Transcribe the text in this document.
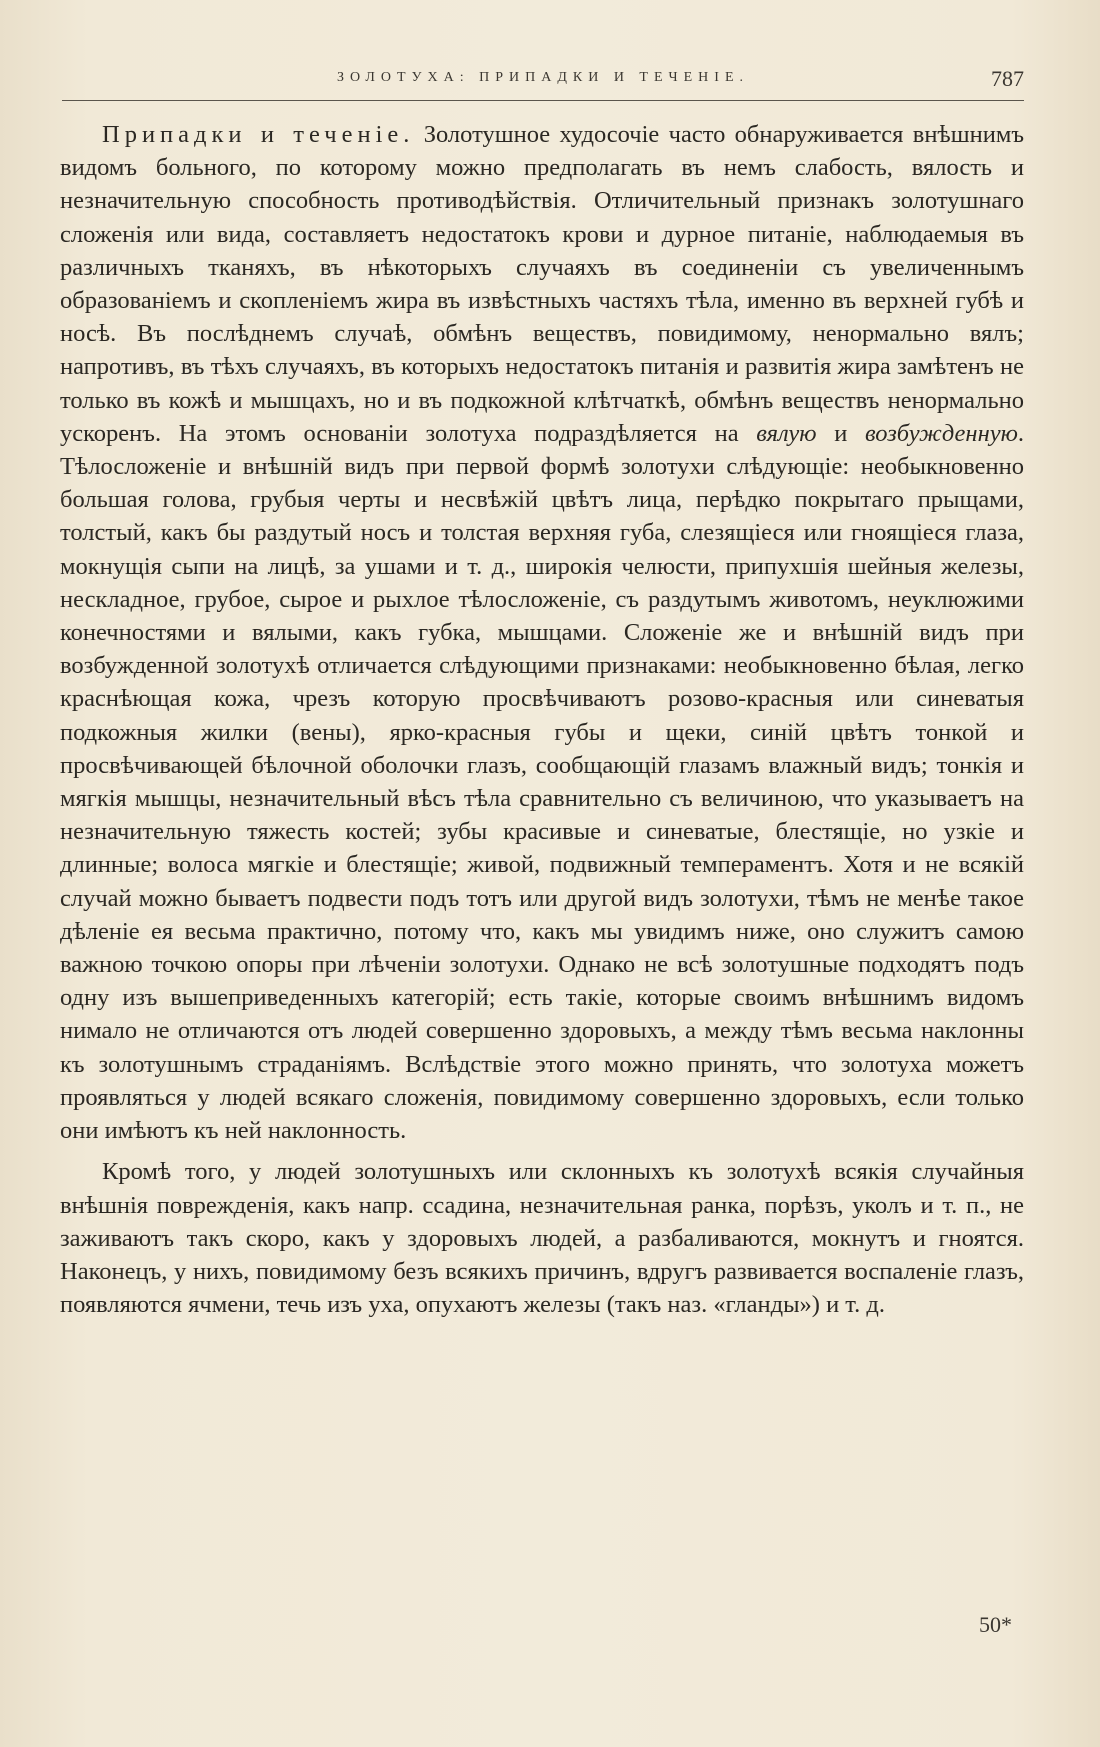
ЗОЛОТУХА: ПРИПАДКИ И ТЕЧЕНІЕ.	787

Припадки и теченіе. Золотушное худосочіе часто обнаруживается внѣшнимъ видомъ больного, по которому можно предполагать въ немъ слабость, вялость и незначительную способность противодѣйствія. Отличительный признакъ золотушнаго сложенія или вида, составляетъ недостатокъ крови и дурное питаніе, наблюдаемыя въ различныхъ тканяхъ, въ нѣкоторыхъ случаяхъ въ соединеніи съ увеличеннымъ образованіемъ и скопленіемъ жира въ извѣстныхъ частяхъ тѣла, именно въ верхней губѣ и носѣ. Въ послѣднемъ случаѣ, обмѣнъ веществъ, повидимому, ненормально вялъ; напротивъ, въ тѣхъ случаяхъ, въ которыхъ недостатокъ питанія и развитія жира замѣтенъ не только въ кожѣ и мышцахъ, но и въ подкожной клѣтчаткѣ, обмѣнъ веществъ ненормально ускоренъ. На этомъ основаніи золотуха подраздѣляется на вялую и возбужденную. Тѣлосложеніе и внѣшній видъ при первой формѣ золотухи слѣдующіе: необыкновенно большая голова, грубыя черты и несвѣжій цвѣтъ лица, перѣдко покрытаго прыщами, толстый, какъ бы раздутый носъ и толстая верхняя губа, слезящіеся или гноящіеся глаза, мокнущія сыпи на лицѣ, за ушами и т. д., широкія челюсти, припухшія шейныя железы, нескладное, грубое, сырое и рыхлое тѣлосложеніе, съ раздутымъ животомъ, неуклюжими конечностями и вялыми, какъ губка, мышцами. Сложеніе же и внѣшній видъ при возбужденной золотухѣ отличается слѣдующими признаками: необыкновенно бѣлая, легко краснѣющая кожа, чрезъ которую просвѣчиваютъ розово-красныя или синеватыя подкожныя жилки (вены), ярко-красныя губы и щеки, синій цвѣтъ тонкой и просвѣчивающей бѣлочной оболочки глазъ, сообщающій глазамъ влажный видъ; тонкія и мягкія мышцы, незначительный вѣсъ тѣла сравнительно съ величиною, что указываетъ на незначительную тяжесть костей; зубы красивые и синеватые, блестящіе, но узкіе и длинные; волоса мягкіе и блестящіе; живой, подвижный темпераментъ. Хотя и не всякій случай можно бываетъ подвести подъ тотъ или другой видъ золотухи, тѣмъ не менѣе такое дѣленіе ея весьма практично, потому что, какъ мы увидимъ ниже, оно служитъ самою важною точкою опоры при лѣченіи золотухи. Однако не всѣ золотушные подходятъ подъ одну изъ вышеприведенныхъ категорій; есть такіе, которые своимъ внѣшнимъ видомъ нимало не отличаются отъ людей совершенно здоровыхъ, а между тѣмъ весьма наклонны къ золотушнымъ страданіямъ. Вслѣдствіе этого можно принять, что золотуха можетъ проявляться у людей всякаго сложенія, повидимому совершенно здоровыхъ, если только они имѣютъ къ ней наклонность.

Кромѣ того, у людей золотушныхъ или склонныхъ къ золотухѣ всякія случайныя внѣшнія поврежденія, какъ напр. ссадина, незначительная ранка, порѣзъ, уколъ и т. п., не заживаютъ такъ скоро, какъ у здоровыхъ людей, а разбаливаются, мокнутъ и гноятся. Наконецъ, у нихъ, повидимому безъ всякихъ причинъ, вдругъ развивается воспаленіе глазъ, появляются ячмени, течь изъ уха, опухаютъ железы (такъ наз. «гланды») и т. д.

50*
